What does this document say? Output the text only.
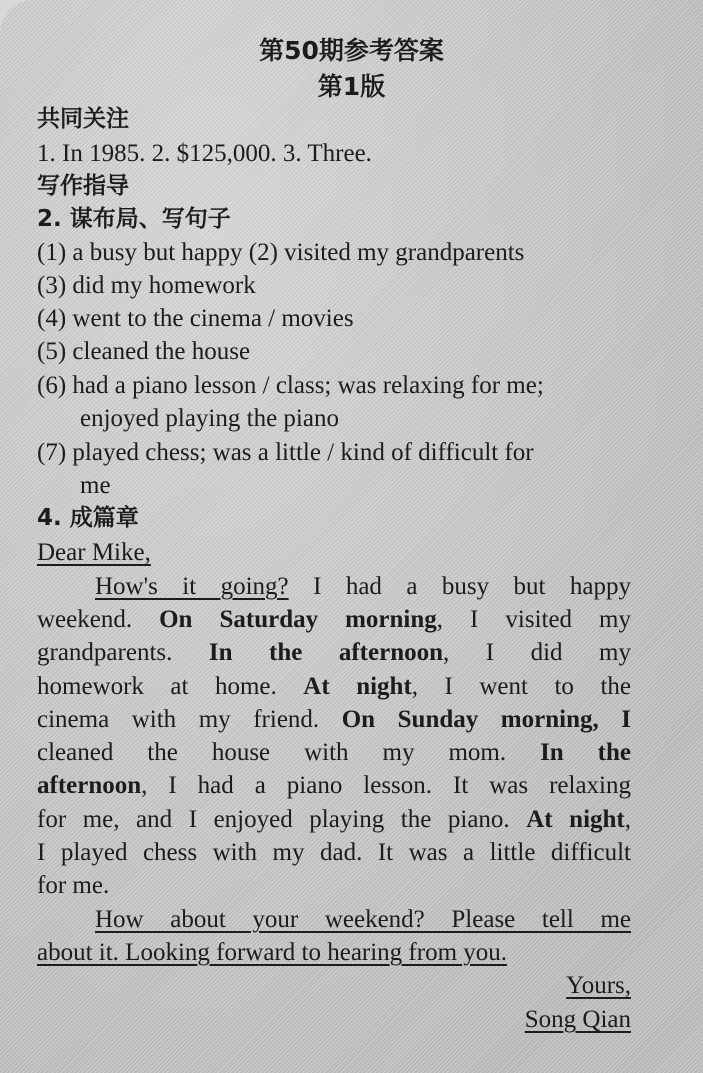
第50期参考答案
第1版
共同关注
1. In 1985. 2. $125,000. 3. Three.
写作指导
2. 谋布局、写句子
(1) a busy but happy (2) visited my grandparents
(3) did my homework
(4) went to the cinema / movies
(5) cleaned the house
(6) had a piano lesson / class; was relaxing for me;
enjoyed playing the piano
(7) played chess; was a little / kind of difficult for
me
4. 成篇章
Dear Mike,
How's it going? I had a busy but happy
weekend. On Saturday morning, I visited my
grandparents. In the afternoon, I did my
homework at home. At night, I went to the
cinema with my friend. On Sunday morning, I
cleaned the house with my mom. In the
afternoon, I had a piano lesson. It was relaxing
for me, and I enjoyed playing the piano. At night,
I played chess with my dad. It was a little difficult
for me.
How about your weekend? Please tell me
about it. Looking forward to hearing from you.
Yours,
Song Qian
